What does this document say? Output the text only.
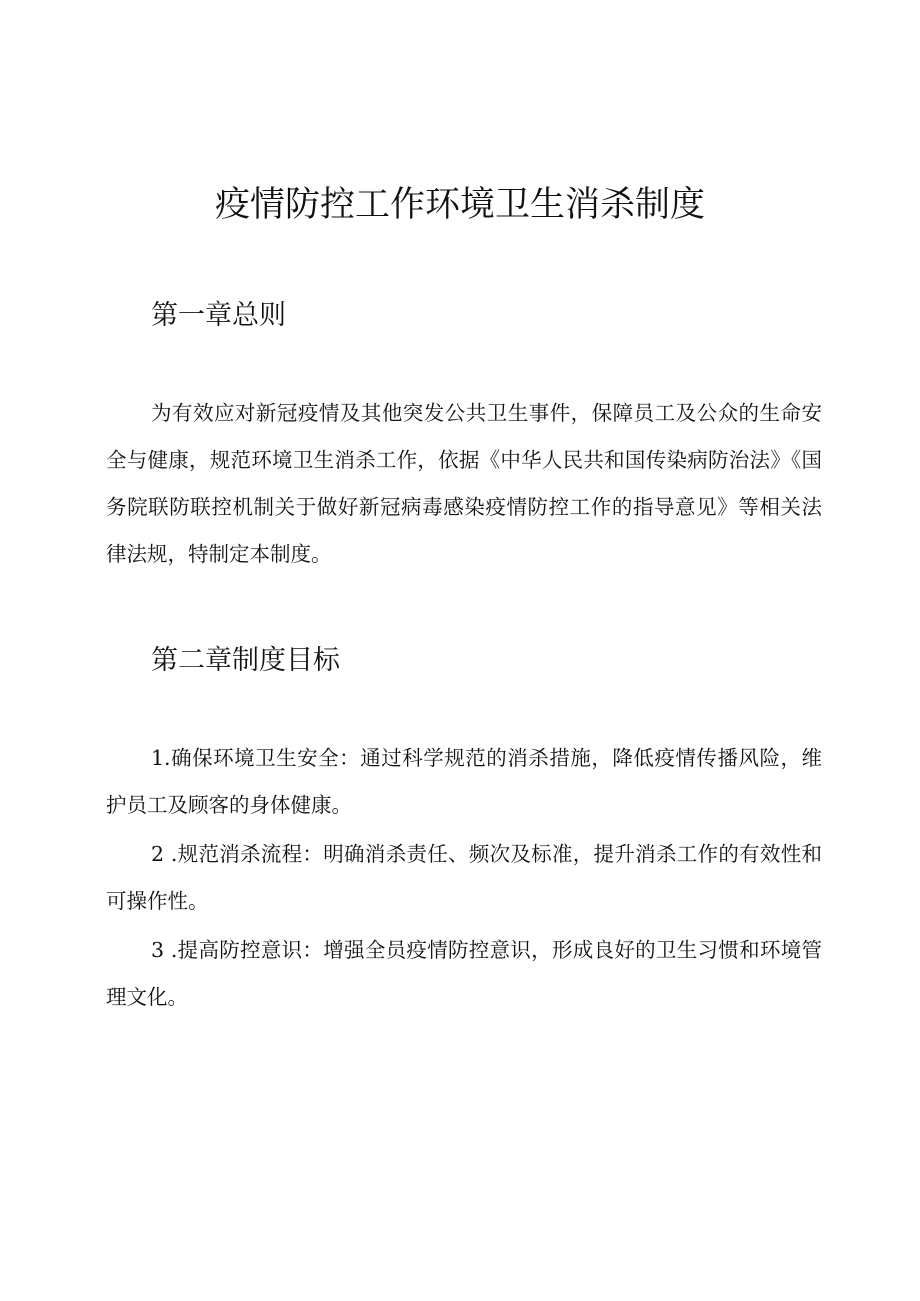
疫情防控工作环境卫生消杀制度
第一章总则

为有效应对新冠疫情及其他突发公共卫生事件，保障员工及公众的生命安全与健康，规范环境卫生消杀工作，依据《中华人民共和国传染病防治法》《国务院联防联控机制关于做好新冠病毒感染疫情防控工作的指导意见》等相关法律法规，特制定本制度。

第二章制度目标

1.确保环境卫生安全：通过科学规范的消杀措施，降低疫情传播风险，维护员工及顾客的身体健康。

2 .规范消杀流程：明确消杀责任、频次及标准，提升消杀工作的有效性和可操作性。

3 .提高防控意识：增强全员疫情防控意识，形成良好的卫生习惯和环境管理文化。
